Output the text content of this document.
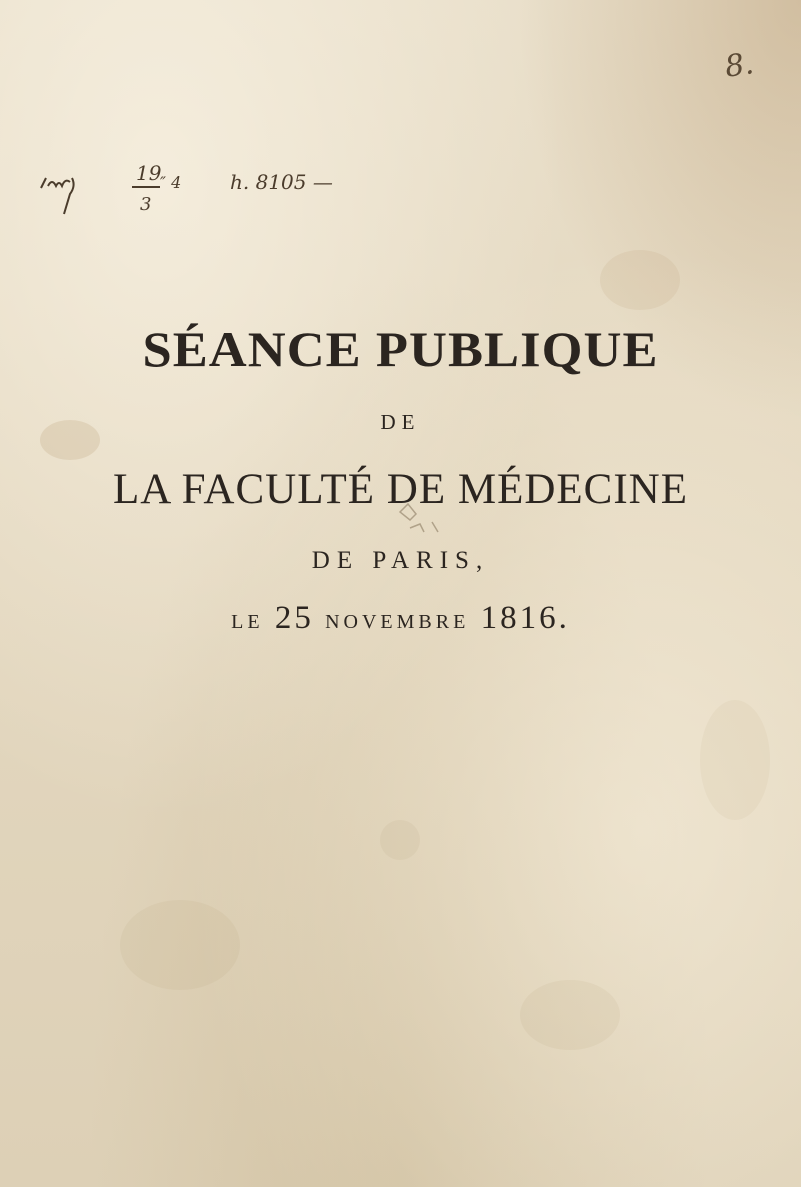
19
″ 4
3
h. 8105 —
8.
SÉANCE PUBLIQUE
DE
LA FACULTÉ DE MÉDECINE
DE PARIS,
LE 25 NOVEMBRE 1816.
